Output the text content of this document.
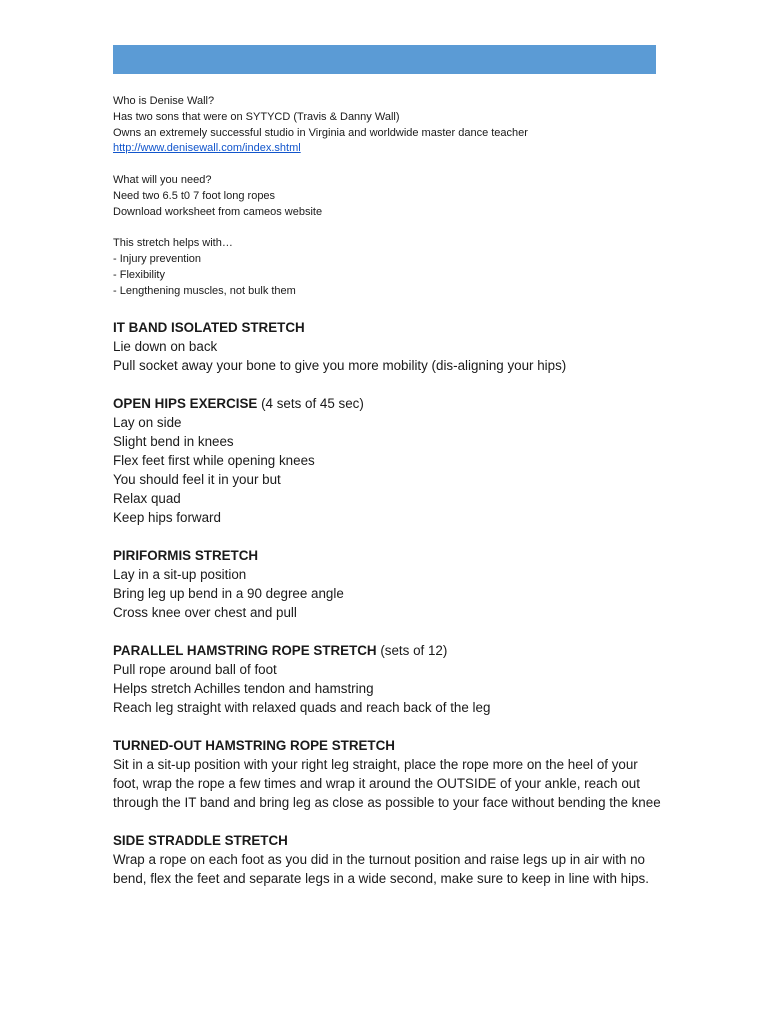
Who is Denise Wall?
Has two sons that were on SYTYCD (Travis & Danny Wall)
Owns an extremely successful studio in Virginia and worldwide master dance teacher
http://www.denisewall.com/index.shtml
What will you need?
Need two 6.5 t0 7 foot long ropes
Download worksheet from cameos website
This stretch helps with…
- Injury prevention
- Flexibility
- Lengthening muscles, not bulk them
IT BAND ISOLATED STRETCH
Lie down on back
Pull socket away your bone to give you more mobility (dis-aligning your hips)
OPEN HIPS EXERCISE (4 sets of 45 sec)
Lay on side
Slight bend in knees
Flex feet first while opening knees
You should feel it in your but
Relax quad
Keep hips forward
PIRIFORMIS STRETCH
Lay in a sit-up position
Bring leg up bend in a 90 degree angle
Cross knee over chest and pull
PARALLEL HAMSTRING ROPE STRETCH (sets of 12)
Pull rope around ball of foot
Helps stretch Achilles tendon and hamstring
Reach leg straight with relaxed quads and reach back of the leg
TURNED-OUT HAMSTRING ROPE STRETCH
Sit in a sit-up position with your right leg straight, place the rope more on the heel of your foot, wrap the rope a few times and wrap it around the OUTSIDE of your ankle, reach out through the IT band and bring leg as close as possible to your face without bending the knee
SIDE STRADDLE STRETCH
Wrap a rope on each foot as you did in the turnout position and raise legs up in air with no bend, flex the feet and separate legs in a wide second, make sure to keep in line with hips.
